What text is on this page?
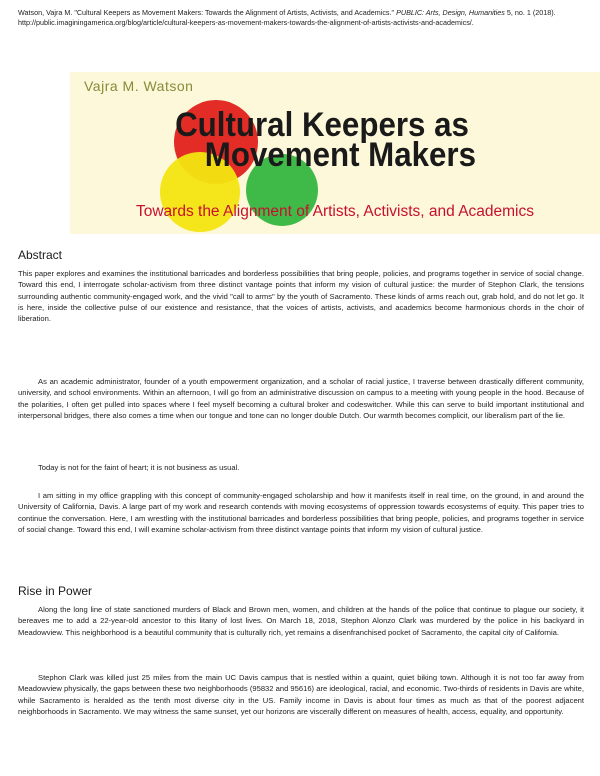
Watson, Vajra M. "Cultural Keepers as Movement Makers: Towards the Alignment of Artists, Activists, and Academics." PUBLIC: Arts, Design, Humanities 5, no. 1 (2018). http://public.imaginingamerica.org/blog/article/cultural-keepers-as-movement-makers-towards-the-alignment-of-artists-activists-and-academics/.
Vajra M. Watson
Cultural Keepers as
Movement Makers
Towards the Alignment of Artists, Activists, and Academics
Abstract

This paper explores and examines the institutional barricades and borderless possibilities that bring people, policies, and programs together in service of social change. Toward this end, I interrogate scholar-activism from three distinct vantage points that inform my vision of cultural justice: the murder of Stephon Clark, the tensions surrounding authentic community-engaged work, and the vivid "call to arms" by the youth of Sacramento. These kinds of arms reach out, grab hold, and do not let go. It is here, inside the collective pulse of our existence and resistance, that the voices of artists, activists, and academics become harmonious chords in the choir of liberation.

As an academic administrator, founder of a youth empowerment organization, and a scholar of racial justice, I traverse between drastically different community, university, and school environments. Within an afternoon, I will go from an administrative discussion on campus to a meeting with young people in the hood. Because of the polarities, I often get pulled into spaces where I feel myself becoming a cultural broker and codeswitcher. While this can serve to build important institutional and interpersonal bridges, there also comes a time when our tongue and tone can no longer double Dutch. Our warmth becomes complicit, our liberalism part of the lie.

Today is not for the faint of heart; it is not business as usual.

I am sitting in my office grappling with this concept of community-engaged scholarship and how it manifests itself in real time, on the ground, in and around the University of California, Davis. A large part of my work and research contends with moving ecosystems of oppression towards ecosystems of equity. This paper tries to continue the conversation. Here, I am wrestling with the institutional barricades and borderless possibilities that bring people, policies, and programs together in service of social change. Toward this end, I will examine scholar-activism from three distinct vantage points that inform my vision of cultural justice.

Rise in Power

Along the long line of state sanctioned murders of Black and Brown men, women, and children at the hands of the police that continue to plague our society, it bereaves me to add a 22-year-old ancestor to this litany of lost lives. On March 18, 2018, Stephon Alonzo Clark was murdered by the police in his backyard in Meadowview. This neighborhood is a beautiful community that is culturally rich, yet remains a disenfranchised pocket of Sacramento, the capital city of California.

Stephon Clark was killed just 25 miles from the main UC Davis campus that is nestled within a quaint, quiet biking town. Although it is not too far away from Meadowview physically, the gaps between these two neighborhoods (95832 and 95616) are ideological, racial, and economic. Two-thirds of residents in Davis are white, while Sacramento is heralded as the tenth most diverse city in the US. Family income in Davis is about four times as much as that of the poorest adjacent neighborhoods in Sacramento. We may witness the same sunset, yet our horizons are viscerally different on measures of health, access, equality, and opportunity.
